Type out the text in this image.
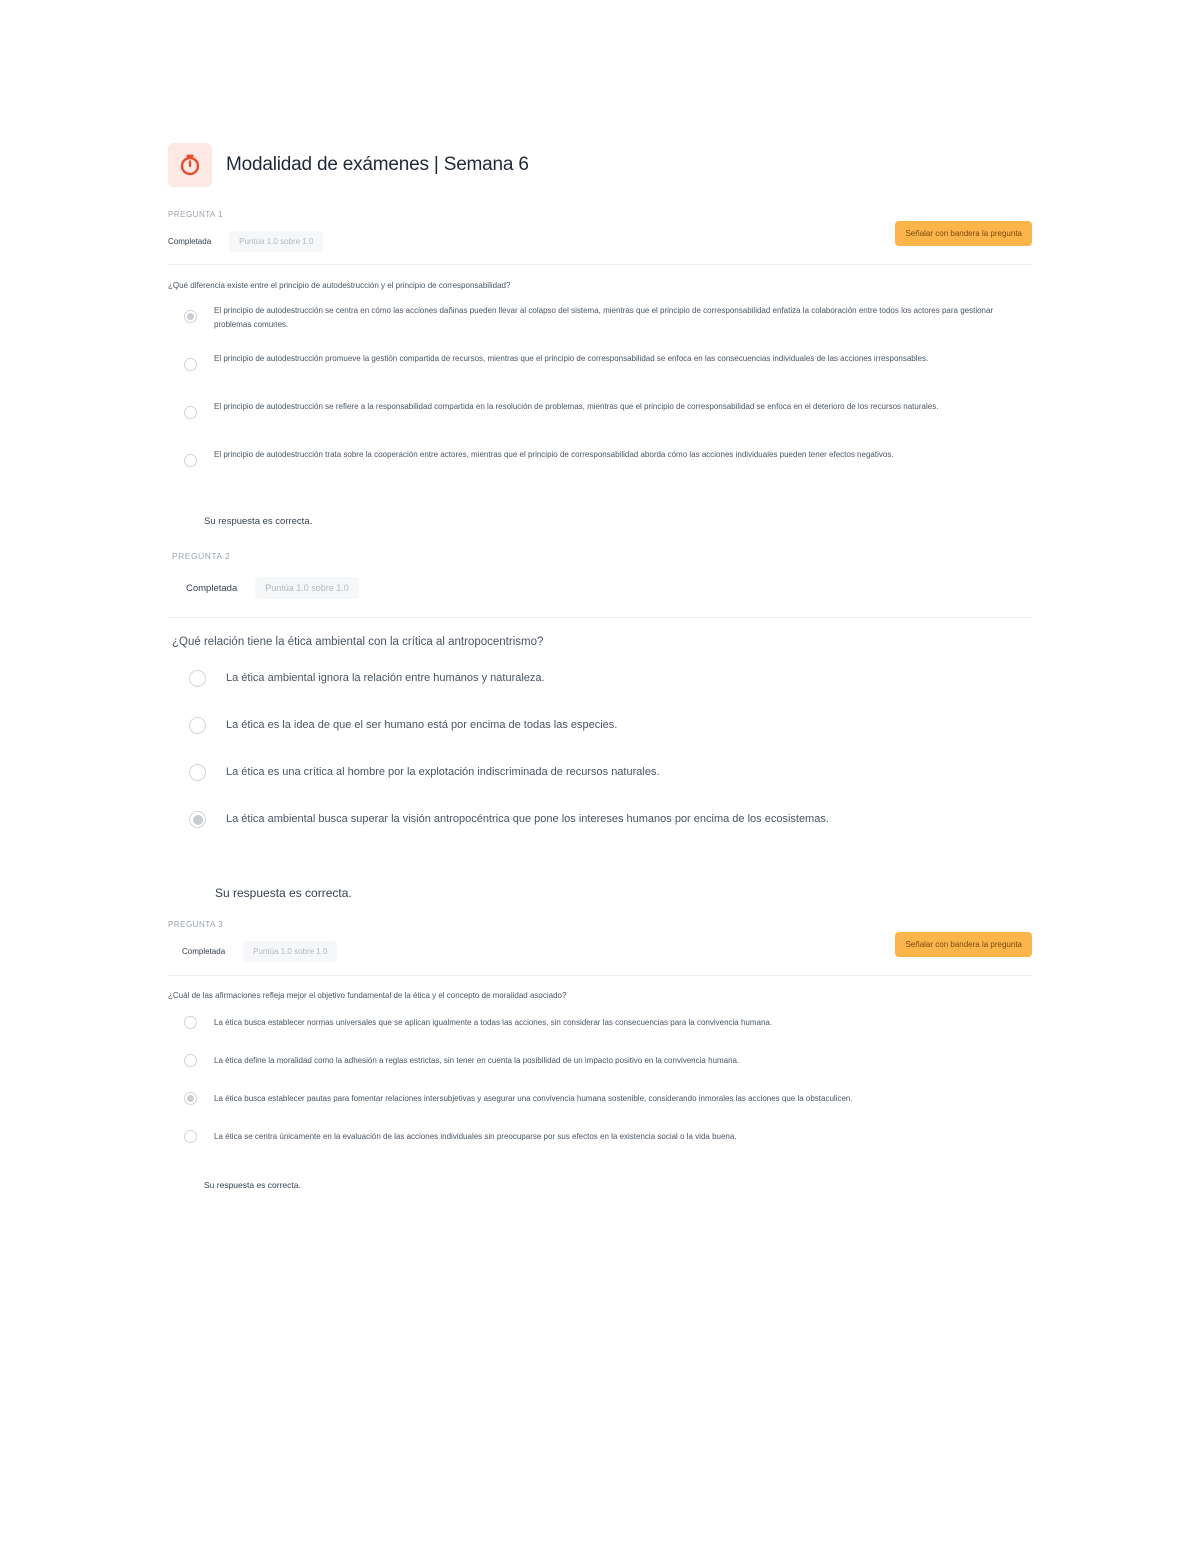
Modalidad de exámenes | Semana 6
PREGUNTA 1
Completada	Puntúa 1.0 sobre 1.0
Señalar con bandera la pregunta
¿Qué diferencia existe entre el principio de autodestrucción y el principio de corresponsabilidad?
El principio de autodestrucción se centra en cómo las acciones dañinas pueden llevar al colapso del sistema, mientras que el principio de corresponsabilidad enfatiza la colaboración entre todos los actores para gestionar problemas comunes.
El principio de autodestrucción promueve la gestión compartida de recursos, mientras que el principio de corresponsabilidad se enfoca en las consecuencias individuales de las acciones irresponsables.
El principio de autodestrucción se refiere a la responsabilidad compartida en la resolución de problemas, mientras que el principio de corresponsabilidad se enfoca en el deterioro de los recursos naturales.
El principio de autodestrucción trata sobre la cooperación entre actores, mientras que el principio de corresponsabilidad aborda cómo las acciones individuales pueden tener efectos negativos.
Su respuesta es correcta.
PREGUNTA 2
Completada	Puntúa 1.0 sobre 1.0
¿Qué relación tiene la ética ambiental con la crítica al antropocentrismo?
La ética ambiental ignora la relación entre humanos y naturaleza.
La ética es la idea de que el ser humano está por encima de todas las especies.
La ética es una crítica al hombre por la explotación indiscriminada de recursos naturales.
La ética ambiental busca superar la visión antropocéntrica que pone los intereses humanos por encima de los ecosistemas.
Su respuesta es correcta.
PREGUNTA 3
Completada	Puntúa 1.0 sobre 1.0
Señalar con bandera la pregunta
¿Cuál de las afirmaciones refleja mejor el objetivo fundamental de la ética y el concepto de moralidad asociado?
La ética busca establecer normas universales que se aplican igualmente a todas las acciones, sin considerar las consecuencias para la convivencia humana.
La ética define la moralidad como la adhesión a reglas estrictas, sin tener en cuenta la posibilidad de un impacto positivo en la convivencia humana.
La ética busca establecer pautas para fomentar relaciones intersubjetivas y asegurar una convivencia humana sostenible, considerando inmorales las acciones que la obstaculicen.
La ética se centra únicamente en la evaluación de las acciones individuales sin preocuparse por sus efectos en la existencia social o la vida buena.
Su respuesta es correcta.
